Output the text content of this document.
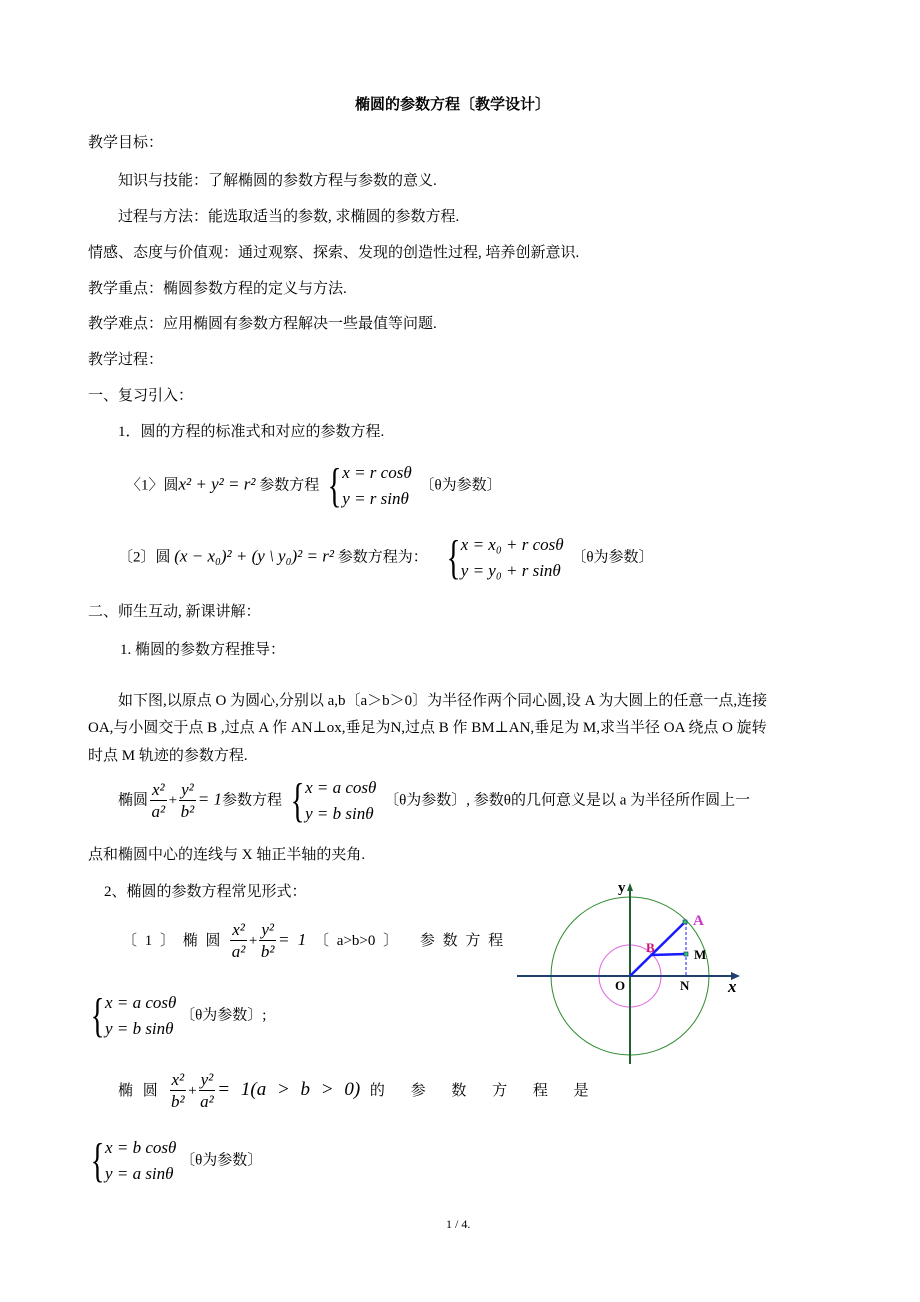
椭圆的参数方程〔教学设计〕
教学目标：
知识与技能：了解椭圆的参数方程与参数的意义.
过程与方法：能选取适当的参数, 求椭圆的参数方程.
情感、态度与价值观：通过观察、探索、发现的创造性过程, 培养创新意识.
教学重点：椭圆参数方程的定义与方法.
教学难点：应用椭圆有参数方程解决一些最值等问题.
教学过程：
一、复习引入：
1．圆的方程的标准式和对应的参数方程.
〈1〉圆x² + y² = r² 参数方程 { x = r cosθ
y = r sinθ
〔θ为参数〕
〔2〕圆 (x − x₀)² + (y \ y₀)² = r² 参数方程为： { x = x₀ + r cosθ
y = y₀ + r sinθ
〔θ为参数〕
二、师生互动, 新课讲解：
1. 椭圆的参数方程推导：
如下图,以原点 O 为圆心,分别以 a,b〔a＞b＞0〕为半径作两个同心圆,设 A 为大圆上的任意一点,连接
OA,与小圆交于点 B ,过点 A 作 AN⊥ox,垂足为N,过点 B 作 BM⊥AN,垂足为 M,求当半径 OA 绕点 O 旋转
时点 M 轨迹的参数方程.
椭圆 $\frac{\text{x²}}{\text{a²}} + \frac{\text{y²}}{\text{b²}} = 1$参数方程 { x = a cosθ
y = b sinθ
〔θ为参数〕, 参数θ的几何意义是以 a 为半径所作圆上一
点和椭圆中心的连线与 X 轴正半轴的夹角.
2、椭圆的参数方程常见形式：
〔 1 〕 椭 圆 $\frac{\text{x²}}{\text{a²}} + \frac{\text{y²}}{\text{b²}} = 1$ 〔 a>b>0 〕 参 数 方 程
{ x = a cosθ
y = b sinθ
〔θ为参数〕;
椭 圆 $\frac{\text{x²}}{\text{b²}} + \frac{\text{y²}}{\text{a²}} = 1(a > b > 0)$ 的 参 数 方 程 是
{ x = b cosθ
y = a sinθ
〔θ为参数〕
y
x
O
A
B	M
N
1 / 4.
